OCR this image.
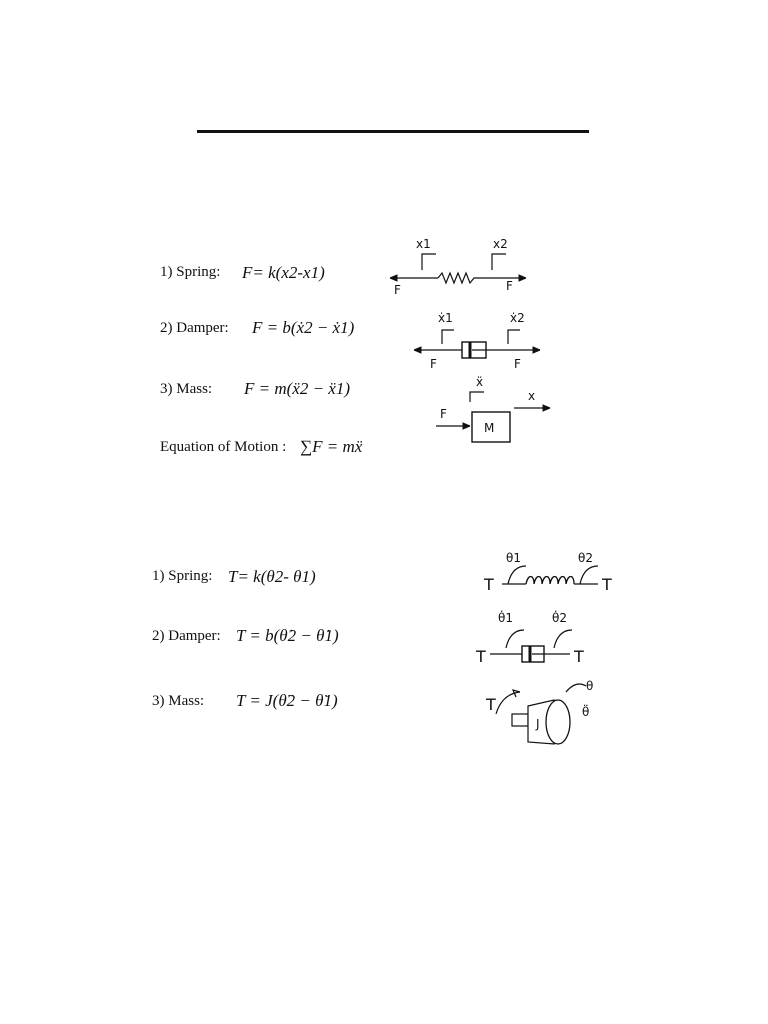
1) Spring: F= k(x2-x1)
2) Damper: F = b(ẋ2 − ẋ1)
3) Mass: F = m(ẍ2 − ẍ1)
Equation of Motion : ∑F = mẍ
1) Spring: T= k(θ2- θ1)
2) Damper: T = b(θ̇2 − θ̇1)
3) Mass: T = J(θ̈2 − θ̈1)
x1	x2
F	F
ẋ1	ẋ2
F	F
ẍ
x
F
M
θ1	θ2
T	T
θ̇1	θ̇2
T	T
T
J
θ
θ̈
